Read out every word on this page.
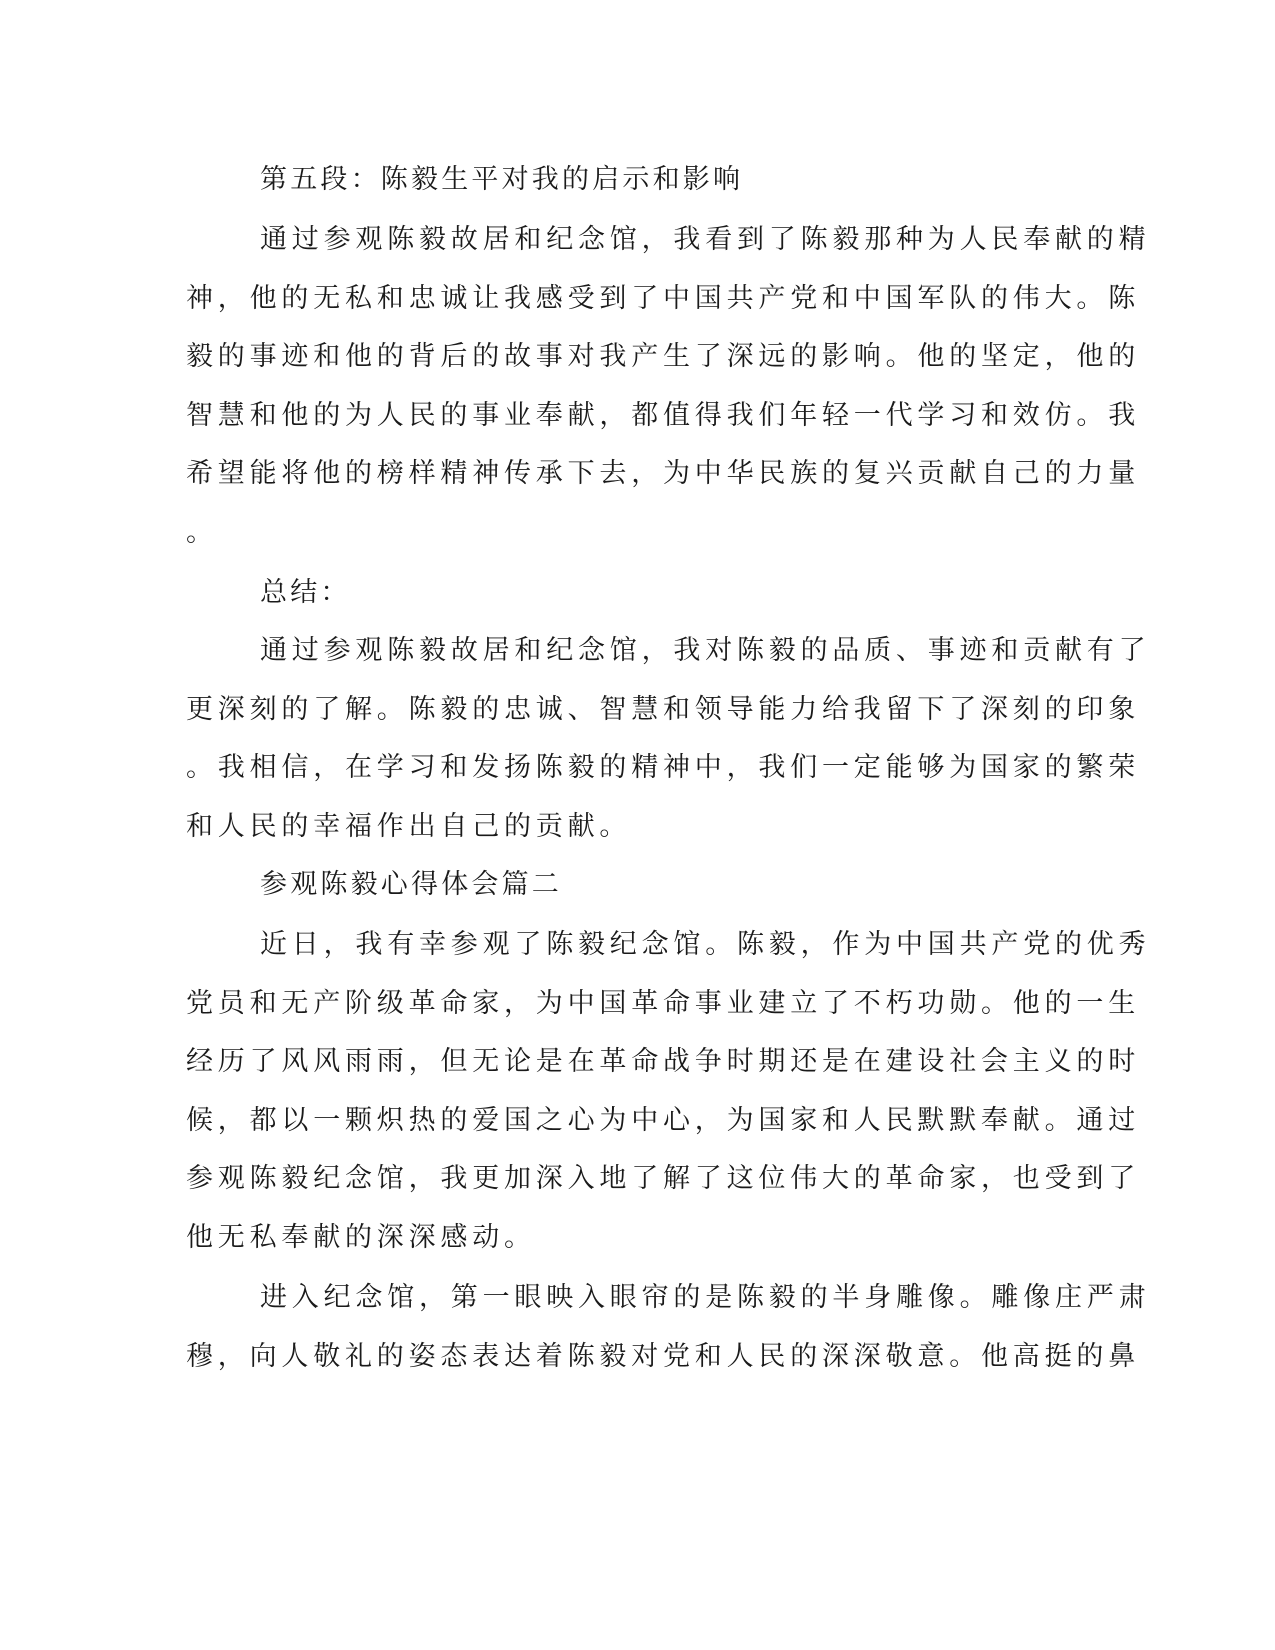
第五段：陈毅生平对我的启示和影响
通过参观陈毅故居和纪念馆，我看到了陈毅那种为人民奉献的精
神，他的无私和忠诚让我感受到了中国共产党和中国军队的伟大。陈
毅的事迹和他的背后的故事对我产生了深远的影响。他的坚定，他的
智慧和他的为人民的事业奉献，都值得我们年轻一代学习和效仿。我
希望能将他的榜样精神传承下去，为中华民族的复兴贡献自己的力量
。
总结：
通过参观陈毅故居和纪念馆，我对陈毅的品质、事迹和贡献有了
更深刻的了解。陈毅的忠诚、智慧和领导能力给我留下了深刻的印象
。我相信，在学习和发扬陈毅的精神中，我们一定能够为国家的繁荣
和人民的幸福作出自己的贡献。
参观陈毅心得体会篇二
近日，我有幸参观了陈毅纪念馆。陈毅，作为中国共产党的优秀
党员和无产阶级革命家，为中国革命事业建立了不朽功勋。他的一生
经历了风风雨雨，但无论是在革命战争时期还是在建设社会主义的时
候，都以一颗炽热的爱国之心为中心，为国家和人民默默奉献。通过
参观陈毅纪念馆，我更加深入地了解了这位伟大的革命家，也受到了
他无私奉献的深深感动。
进入纪念馆，第一眼映入眼帘的是陈毅的半身雕像。雕像庄严肃
穆，向人敬礼的姿态表达着陈毅对党和人民的深深敬意。他高挺的鼻
